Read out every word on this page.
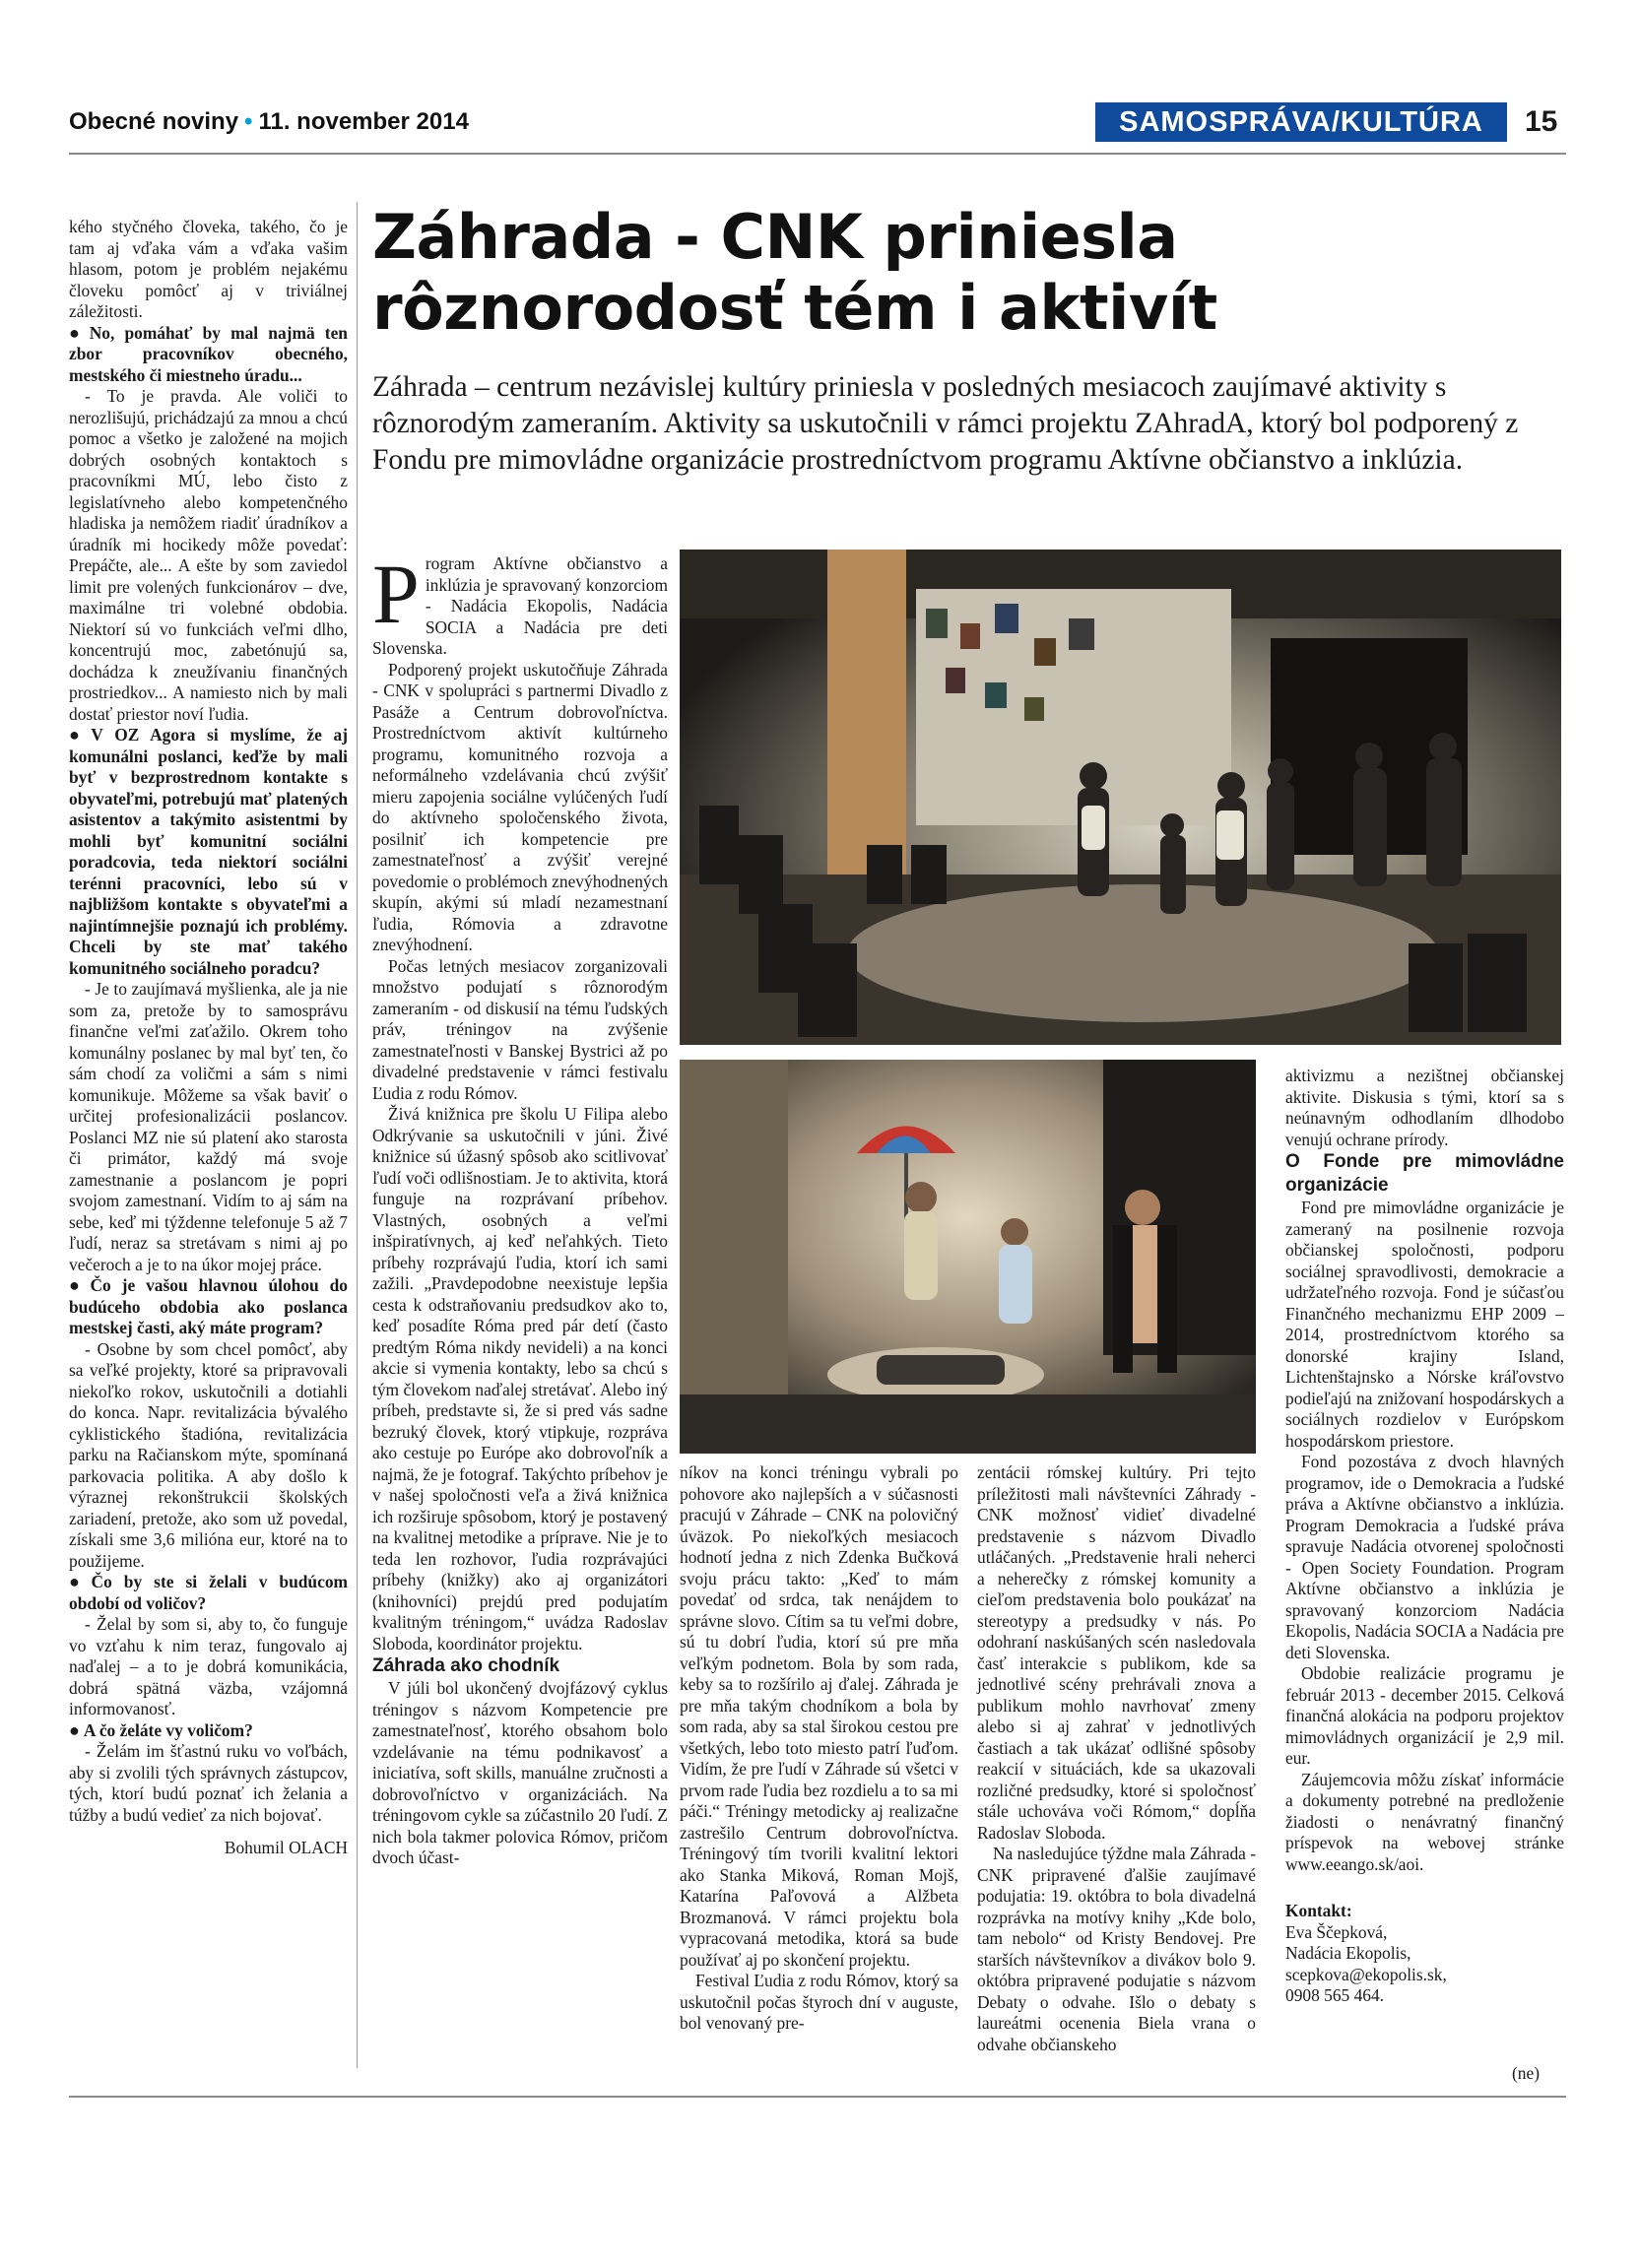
Obecné noviny • 11. november 2014	SAMOSPRÁVA/KULTÚRA	15

kého styčného človeka, takého, čo je tam aj vďaka vám a vďaka vašim hlasom, potom je problém nejakému človeku pomôcť aj v triviálnej záležitosti.

● No, pomáhať by mal najmä ten zbor pracovníkov obecného, mestského či miestneho úradu...

- To je pravda. Ale voliči to nerozlišujú, prichádzajú za mnou a chcú pomoc a všetko je založené na mojich dobrých osobných kontaktoch s pracovníkmi MÚ, lebo čisto z legislatívneho alebo kompetenčného hladiska ja nemôžem riadiť úradníkov a úradník mi hocikedy môže povedať: Prepáčte, ale... A ešte by som zaviedol limit pre volených funkcionárov – dve, maximálne tri volebné obdobia. Niektorí sú vo funkciách veľmi dlho, koncentrujú moc, zabetónujú sa, dochádza k zneužívaniu finančných prostriedkov... A namiesto nich by mali dostať priestor noví ľudia.

● V OZ Agora si myslíme, že aj komunálni poslanci, keďže by mali byť v bezprostrednom kontakte s obyvateľmi, potrebujú mať platených asistentov a takýmito asistentmi by mohli byť komunitní sociálni poradcovia, teda niektorí sociálni terénni pracovníci, lebo sú v najbližšom kontakte s obyvateľmi a najintímnejšie poznajú ich problémy. Chceli by ste mať takého komunitného sociálneho poradcu?

- Je to zaujímavá myšlienka, ale ja nie som za, pretože by to samosprávu finančne veľmi zaťažilo. Okrem toho komunálny poslanec by mal byť ten, čo sám chodí za voličmi a sám s nimi komunikuje. Môžeme sa však baviť o určitej profesionalizácii poslancov. Poslanci MZ nie sú platení ako starosta či primátor, každý má svoje zamestnanie a poslancom je popri svojom zamestnaní. Vidím to aj sám na sebe, keď mi týždenne telefonuje 5 až 7 ľudí, neraz sa stretávam s nimi aj po večeroch a je to na úkor mojej práce.

● Čo je vašou hlavnou úlohou do budúceho obdobia ako poslanca mestskej časti, aký máte program?

- Osobne by som chcel pomôcť, aby sa veľké projekty, ktoré sa pripravovali niekoľko rokov, uskutočnili a dotiahli do konca. Napr. revitalizácia bývalého cyklistického štadióna, revitalizácia parku na Račianskom mýte, spomínaná parkovacia politika. A aby došlo k výraznej rekonštrukcii školských zariadení, pretože, ako som už povedal, získali sme 3,6 milióna eur, ktoré na to použijeme.

● Čo by ste si želali v budúcom období od voličov?

- Želal by som si, aby to, čo funguje vo vzťahu k nim teraz, fungovalo aj naďalej – a to je dobrá komunikácia, dobrá spätná väzba, vzájomná informovanosť.

● A čo želáte vy voličom?

- Želám im šťastnú ruku vo voľbách, aby si zvolili tých správnych zástupcov, tých, ktorí budú poznať ich želania a túžby a budú vedieť za nich bojovať.

Bohumil OLACH

Záhrada - CNK priniesla rôznorodosť tém i aktivít

Záhrada – centrum nezávislej kultúry priniesla v posledných mesiacoch zaujímavé aktivity s rôznorodým zameraním. Aktivity sa uskutočnili v rámci projektu ZAhradA, ktorý bol podporený z Fondu pre mimovládne organizácie prostredníctvom programu Aktívne občianstvo a inklúzia.

Program Aktívne občianstvo a inklúzia je spravovaný konzorciom - Nadácia Ekopolis, Nadácia SOCIA a Nadácia pre deti Slovenska.

Podporený projekt uskutočňuje Záhrada - CNK v spolupráci s partnermi Divadlo z Pasáže a Centrum dobrovoľníctva. Prostredníctvom aktivít kultúrneho programu, komunitného rozvoja a neformálneho vzdelávania chcú zvýšiť mieru zapojenia sociálne vylúčených ľudí do aktívneho spoločenského života, posilniť ich kompetencie pre zamestnateľnosť a zvýšiť verejné povedomie o problémoch znevýhodnených skupín, akými sú mladí nezamestnaní ľudia, Rómovia a zdravotne znevýhodnení.

Počas letných mesiacov zorganizovali množstvo podujatí s rôznorodým zameraním - od diskusií na tému ľudských práv, tréningov na zvýšenie zamestnateľnosti v Banskej Bystrici až po divadelné predstavenie v rámci festivalu Ľudia z rodu Rómov.

Živá knižnica pre školu U Filipa alebo Odkrývanie sa uskutočnili v júni. Živé knižnice sú úžasný spôsob ako scitlivovať ľudí voči odlišnostiam. Je to aktivita, ktorá funguje na rozprávaní príbehov. Vlastných, osobných a veľmi inšpiratívnych, aj keď neľahkých. Tieto príbehy rozprávajú ľudia, ktorí ich sami zažili. „Pravdepodobne neexistuje lepšia cesta k odstraňovaniu predsudkov ako to, keď posadíte Róma pred pár detí (často predtým Róma nikdy nevideli) a na konci akcie si vymenia kontakty, lebo sa chcú s tým človekom naďalej stretávať. Alebo iný príbeh, predstavte si, že si pred vás sadne bezruký človek, ktorý vtipkuje, rozpráva ako cestuje po Európe ako dobrovoľník a najmä, že je fotograf. Takýchto príbehov je v našej spoločnosti veľa a živá knižnica ich rozširuje spôsobom, ktorý je postavený na kvalitnej metodike a príprave. Nie je to teda len rozhovor, ľudia rozprávajúci príbehy (knižky) ako aj organizátori (knihovníci) prejdú pred podujatím kvalitným tréningom,“ uvádza Radoslav Sloboda, koordinátor projektu.

Záhrada ako chodník

V júli bol ukončený dvojfázový cyklus tréningov s názvom Kompetencie pre zamestnateľnosť, ktorého obsahom bolo vzdelávanie na tému podnikavosť a iniciatíva, soft skills, manuálne zručnosti a dobrovoľníctvo v organizáciách. Na tréningovom cykle sa zúčastnilo 20 ľudí. Z nich bola takmer polovica Rómov, pričom dvoch účast-

níkov na konci tréningu vybrali po pohovore ako najlepších a v súčasnosti pracujú v Záhrade – CNK na polovičný úväzok. Po niekoľkých mesiacoch hodnotí jedna z nich Zdenka Bučková svoju prácu takto: „Keď to mám povedať od srdca, tak nenájdem to správne slovo. Cítim sa tu veľmi dobre, sú tu dobrí ľudia, ktorí sú pre mňa veľkým podnetom. Bola by som rada, keby sa to rozšírilo aj ďalej. Záhrada je pre mňa takým chodníkom a bola by som rada, aby sa stal širokou cestou pre všetkých, lebo toto miesto patrí ľuďom. Vidím, že pre ľudí v Záhrade sú všetci v prvom rade ľudia bez rozdielu a to sa mi páči.“ Tréningy metodicky aj realizačne zastrešilo Centrum dobrovoľníctva. Tréningový tím tvorili kvalitní lektori ako Stanka Miková, Roman Mojš, Katarína Paľovová a Alžbeta Brozmanová. V rámci projektu bola vypracovaná metodika, ktorá sa bude používať aj po skončení projektu.

Festival Ľudia z rodu Rómov, ktorý sa uskutočnil počas štyroch dní v auguste, bol venovaný pre-

zentácii rómskej kultúry. Pri tejto príležitosti mali návštevníci Záhrady - CNK možnosť vidieť divadelné predstavenie s názvom Divadlo utláčaných. „Predstavenie hrali neherci a neherečky z rómskej komunity a cieľom predstavenia bolo poukázať na stereotypy a predsudky v nás. Po odohraní naskúšaných scén nasledovala časť interakcie s publikom, kde sa jednotlivé scény prehrávali znova a publikum mohlo navrhovať zmeny alebo si aj zahrať v jednotlivých častiach a tak ukázať odlišné spôsoby reakcií v situáciách, kde sa ukazovali rozličné predsudky, ktoré si spoločnosť stále uchováva voči Rómom,“ dopĺňa Radoslav Sloboda.

Na nasledujúce týždne mala Záhrada - CNK pripravené ďalšie zaujímavé podujatia: 19. októbra to bola divadelná rozprávka na motívy knihy „Kde bolo, tam nebolo“ od Kristy Bendovej. Pre starších návštevníkov a divákov bolo 9. októbra pripravené podujatie s názvom Debaty o odvahe. Išlo o debaty s laureátmi ocenenia Biela vrana o odvahe občianskeho

aktivizmu a nezištnej občianskej aktivite. Diskusia s tými, ktorí sa s neúnavným odhodlaním dlhodobo venujú ochrane prírody.

O Fonde pre mimovládne organizácie

Fond pre mimovládne organizácie je zameraný na posilnenie rozvoja občianskej spoločnosti, podporu sociálnej spravodlivosti, demokracie a udržateľného rozvoja. Fond je súčasťou Finančného mechanizmu EHP 2009 – 2014, prostredníctvom ktorého sa donorské krajiny Island, Lichtenštajnsko a Nórske kráľovstvo podieľajú na znižovaní hospodárskych a sociálnych rozdielov v Európskom hospodárskom priestore.

Fond pozostáva z dvoch hlavných programov, ide o Demokracia a ľudské práva a Aktívne občianstvo a inklúzia. Program Demokracia a ľudské práva spravuje Nadácia otvorenej spoločnosti - Open Society Foundation. Program Aktívne občianstvo a inklúzia je spravovaný konzorciom Nadácia Ekopolis, Nadácia SOCIA a Nadácia pre deti Slovenska.

Obdobie realizácie programu je február 2013 - december 2015. Celková finančná alokácia na podporu projektov mimovládnych organizácií je 2,9 mil. eur.

Záujemcovia môžu získať informácie a dokumenty potrebné na predloženie žiadosti o nenávratný finančný príspevok na webovej stránke www.eeango.sk/aoi.

Kontakt:

Eva Ščepková,

Nadácia Ekopolis,

scepkova@ekopolis.sk,

0908 565 464.

(ne)
